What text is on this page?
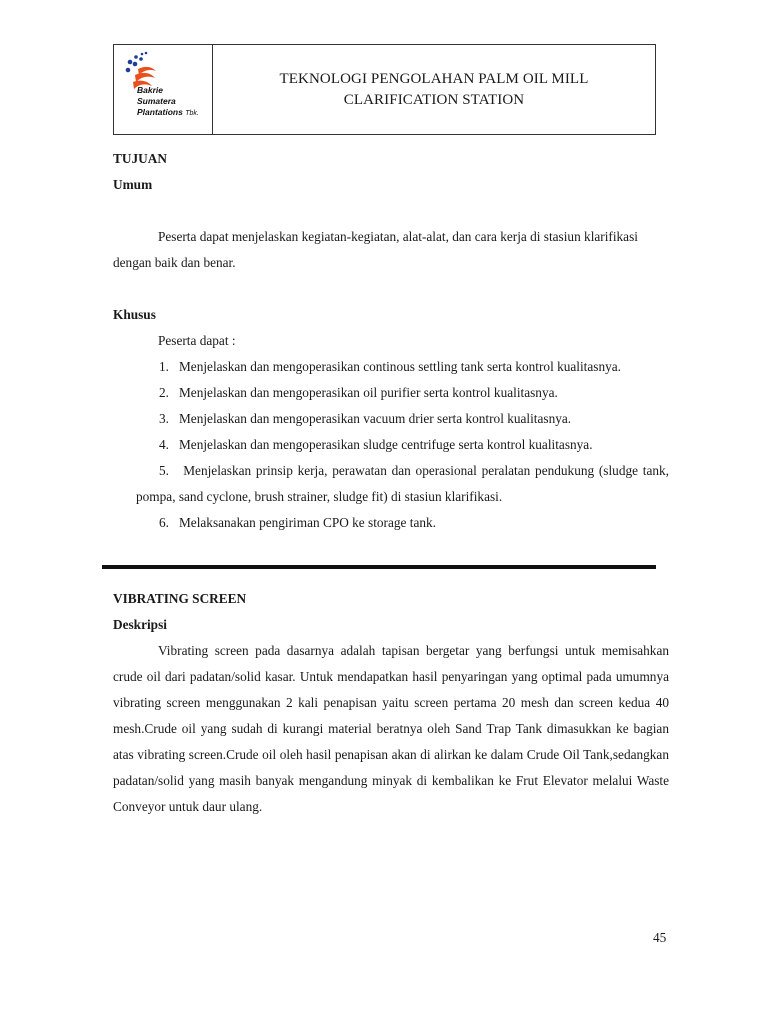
Bakrie
Sumatera
Plantations Tbk.
TEKNOLOGI PENGOLAHAN PALM OIL MILL
CLARIFICATION STATION

TUJUAN

Umum

Peserta dapat menjelaskan kegiatan-kegiatan, alat-alat, dan cara kerja di stasiun klarifikasi dengan baik dan benar.

Khusus

Peserta dapat :

1. Menjelaskan dan mengoperasikan continous settling tank serta kontrol kualitasnya.
2. Menjelaskan dan mengoperasikan oil purifier serta kontrol kualitasnya.
3. Menjelaskan dan mengoperasikan vacuum drier serta kontrol kualitasnya.
4. Menjelaskan dan mengoperasikan sludge centrifuge serta kontrol kualitasnya.
5. Menjelaskan prinsip kerja, perawatan dan operasional peralatan pendukung (sludge tank, pompa, sand cyclone, brush strainer, sludge fit) di stasiun klarifikasi.
6. Melaksanakan pengiriman CPO ke storage tank.

VIBRATING SCREEN

Deskripsi

Vibrating screen pada dasarnya adalah tapisan bergetar yang berfungsi untuk memisahkan crude oil dari padatan/solid kasar. Untuk mendapatkan hasil penyaringan yang optimal pada umumnya vibrating screen menggunakan 2 kali penapisan yaitu screen pertama 20 mesh dan screen kedua 40 mesh.Crude oil yang sudah di kurangi material beratnya oleh Sand Trap Tank dimasukkan ke bagian atas vibrating screen.Crude oil oleh hasil penapisan akan di alirkan ke dalam Crude Oil Tank,sedangkan padatan/solid yang masih banyak mengandung minyak di kembalikan ke Frut Elevator melalui Waste Conveyor untuk daur ulang.

45
